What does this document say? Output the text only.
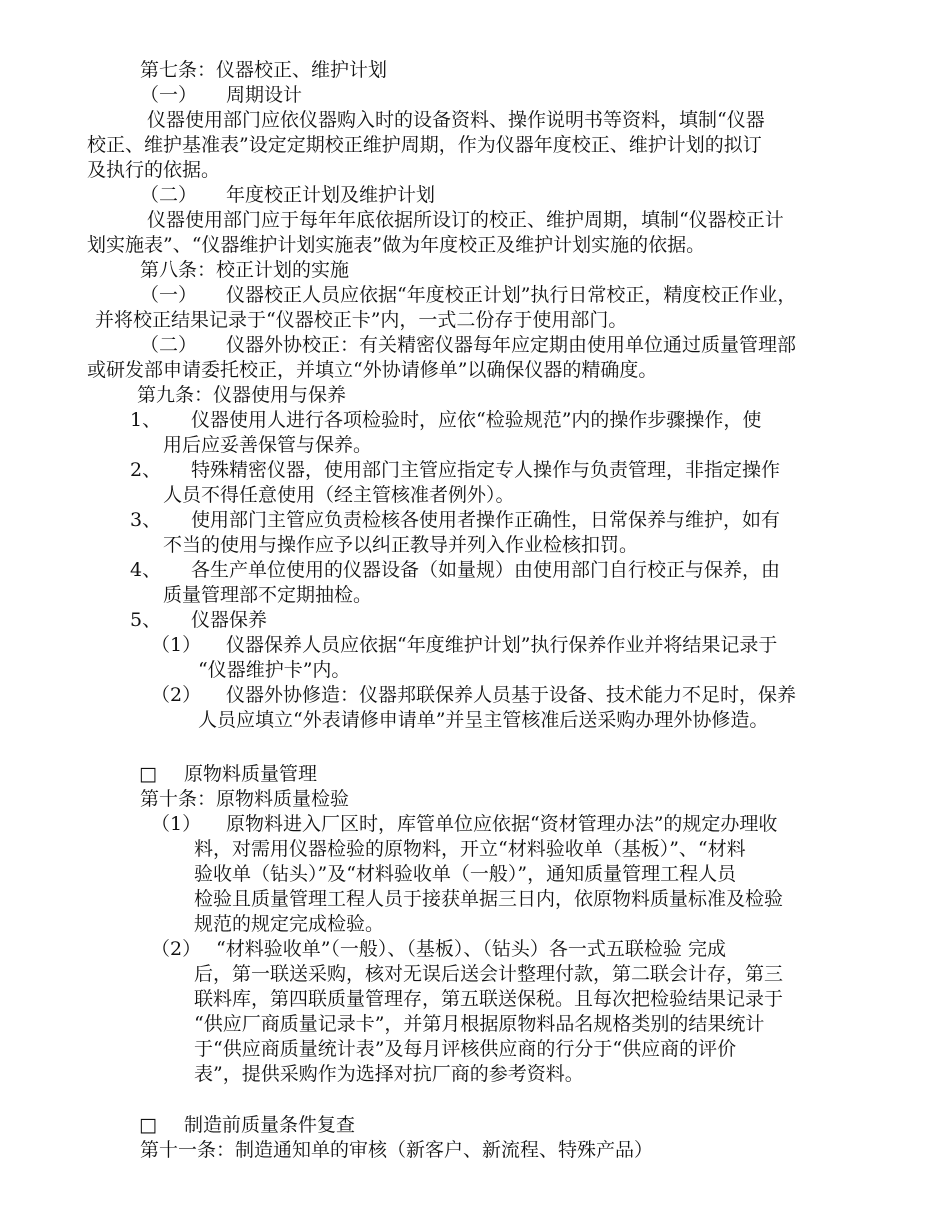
第七条：仪器校正、维护计划
（一） 周期设计
仪器使用部门应依仪器购入时的设备资料、操作说明书等资料，填制“仪器
校正、维护基准表”设定定期校正维护周期，作为仪器年度校正、维护计划的拟订
及执行的依据。
（二） 年度校正计划及维护计划
仪器使用部门应于每年年底依据所设订的校正、维护周期，填制“仪器校正计
划实施表”、“仪器维护计划实施表”做为年度校正及维护计划实施的依据。
第八条：校正计划的实施
（一） 仪器校正人员应依据“年度校正计划”执行日常校正，精度校正作业，
并将校正结果记录于“仪器校正卡”内，一式二份存于使用部门。
（二） 仪器外协校正：有关精密仪器每年应定期由使用单位通过质量管理部
或研发部申请委托校正，并填立“外协请修单”以确保仪器的精确度。
第九条：仪器使用与保养
1、 仪器使用人进行各项检验时，应依“检验规范”内的操作步骤操作，使
用后应妥善保管与保养。
2、 特殊精密仪器，使用部门主管应指定专人操作与负责管理，非指定操作
人员不得任意使用（经主管核准者例外）。
3、 使用部门主管应负责检核各使用者操作正确性，日常保养与维护，如有
不当的使用与操作应予以纠正教导并列入作业检核扣罚。
4、 各生产单位使用的仪器设备（如量规）由使用部门自行校正与保养，由
质量管理部不定期抽检。
5、 仪器保养
（1） 仪器保养人员应依据“年度维护计划”执行保养作业并将结果记录于
“仪器维护卡”内。
（2） 仪器外协修造：仪器邦联保养人员基于设备、技术能力不足时，保养
人员应填立“外表请修申请单”并呈主管核准后送采购办理外协修造。
□ 原物料质量管理
第十条：原物料质量检验
（1） 原物料进入厂区时，库管单位应依据“资材管理办法”的规定办理收
料，对需用仪器检验的原物料，开立“材料验收单（基板）”、“材料
验收单（钻头）”及“材料验收单（一般）”，通知质量管理工程人员
检验且质量管理工程人员于接获单据三日内，依原物料质量标准及检验
规范的规定完成检验。
（2） “材料验收单”（一般）、（基板）、（钻头）各一式五联检验 完成
后，第一联送采购，核对无误后送会计整理付款，第二联会计存，第三
联料库，第四联质量管理存，第五联送保税。且每次把检验结果记录于
“供应厂商质量记录卡”，并第月根据原物料品名规格类别的结果统计
于“供应商质量统计表”及每月评核供应商的行分于“供应商的评价
表”，提供采购作为选择对抗厂商的参考资料。
□ 制造前质量条件复查
第十一条：制造通知单的审核（新客户、新流程、特殊产品）
